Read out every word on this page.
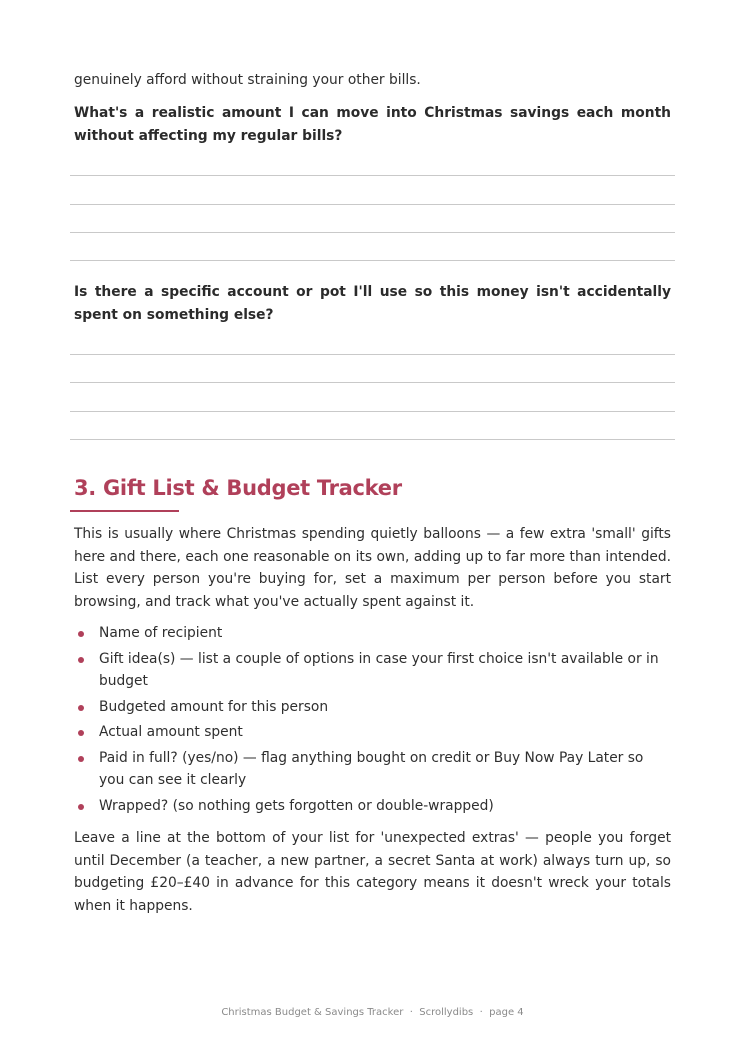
genuinely afford without straining your other bills.

What's a realistic amount I can move into Christmas savings each month without affecting my regular bills?

Is there a specific account or pot I'll use so this money isn't accidentally spent on something else?

3. Gift List & Budget Tracker

This is usually where Christmas spending quietly balloons — a few extra 'small' gifts here and there, each one reasonable on its own, adding up to far more than intended. List every person you're buying for, set a maximum per person before you start browsing, and track what you've actually spent against it.

Name of recipient
Gift idea(s) — list a couple of options in case your first choice isn't available or in budget
Budgeted amount for this person
Actual amount spent
Paid in full? (yes/no) — flag anything bought on credit or Buy Now Pay Later so you can see it clearly
Wrapped? (so nothing gets forgotten or double-wrapped)

Leave a line at the bottom of your list for 'unexpected extras' — people you forget until December (a teacher, a new partner, a secret Santa at work) always turn up, so budgeting £20–£40 in advance for this category means it doesn't wreck your totals when it happens.

Christmas Budget & Savings Tracker  ·  Scrollydibs  ·  page 4
